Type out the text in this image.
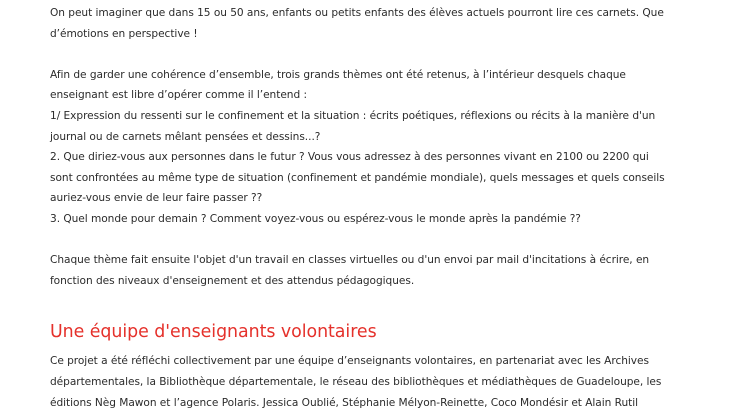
On peut imaginer que dans 15 ou 50 ans, enfants ou petits enfants des élèves actuels pourront lire ces carnets. Que

d’émotions en perspective !

Afin de garder une cohérence d’ensemble, trois grands thèmes ont été retenus, à l’intérieur desquels chaque

enseignant est libre d’opérer comme il l’entend :

1/ Expression du ressenti sur le confinement et la situation : écrits poétiques, réflexions ou récits à la manière d'un

journal ou de carnets mêlant pensées et dessins...?

2. Que diriez-vous aux personnes dans le futur ? Vous vous adressez à des personnes vivant en 2100 ou 2200 qui

sont confrontées au même type de situation (confinement et pandémie mondiale), quels messages et quels conseils

auriez-vous envie de leur faire passer ??

3. Quel monde pour demain ? Comment voyez-vous ou espérez-vous le monde après la pandémie ??

Chaque thème fait ensuite l'objet d'un travail en classes virtuelles ou d'un envoi par mail d'incitations à écrire, en

fonction des niveaux d'enseignement et des attendus pédagogiques.

Une équipe d'enseignants volontaires

Ce projet a été réfléchi collectivement par une équipe d’enseignants volontaires, en partenariat avec les Archives

départementales, la Bibliothèque départementale, le réseau des bibliothèques et médiathèques de Guadeloupe, les

éditions Nèg Mawon et l’agence Polaris. Jessica Oublié, Stéphanie Mélyon-Reinette, Coco Mondésir et Alain Rutil
